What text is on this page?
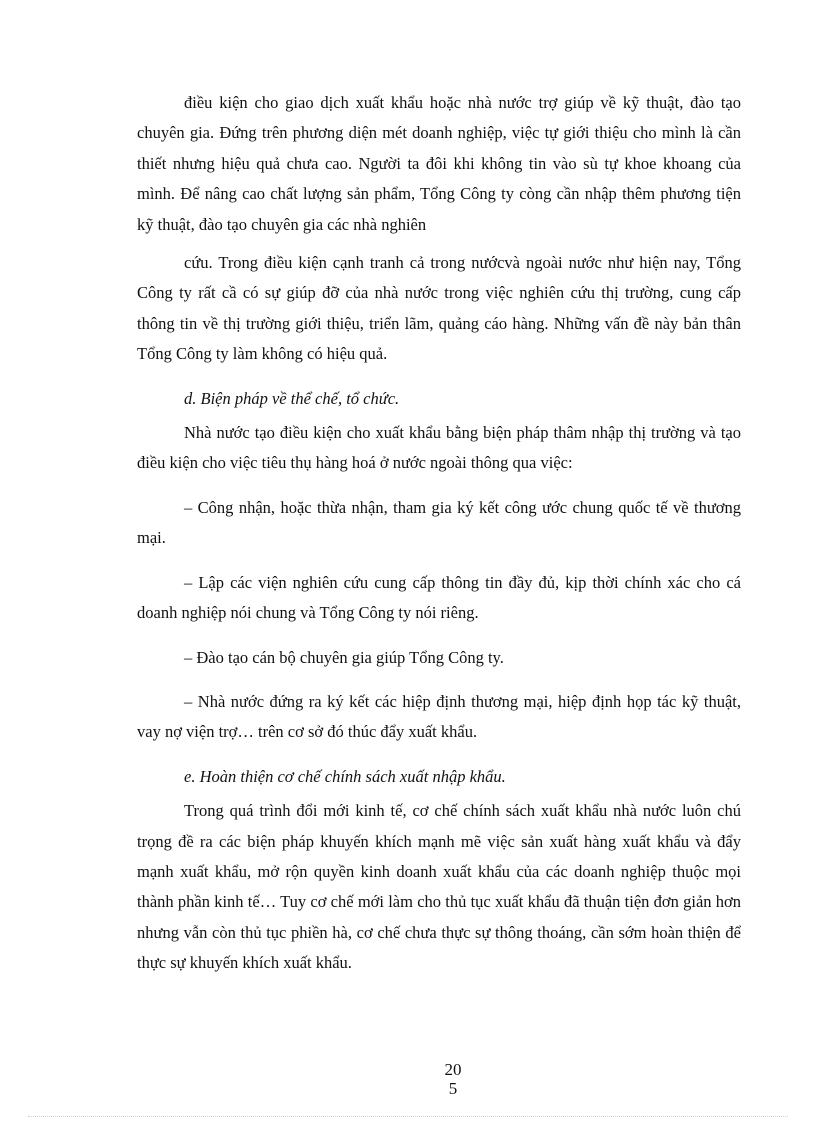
điều kiện cho giao dịch xuất khẩu hoặc nhà nước trợ giúp về kỹ thuật, đào tạo chuyên gia. Đứng trên phương diện mét doanh nghiệp, việc tự giới thiệu cho mình là cần thiết nhưng hiệu quả chưa cao. Người ta đôi khi không tin vào sù tự khoe khoang của mình. Để nâng cao chất lượng sản phẩm, Tổng Công ty còng cần nhập thêm phương tiện kỹ thuật, đào tạo chuyên gia các nhà nghiên

cứu. Trong điều kiện cạnh tranh cả trong nướcvà ngoài nước như hiện nay, Tổng Công ty rất cầ có sự giúp đỡ của nhà nước trong việc nghiên cứu thị trường, cung cấp thông tin về thị trường giới thiệu, triển lãm, quảng cáo hàng. Những vấn đề này bản thân Tổng Công ty làm không có hiệu quả.

d. Biện pháp về thể chế, tổ chức.

Nhà nước tạo điều kiện cho xuất khẩu bằng biện pháp thâm nhập thị trường và tạo điều kiện cho việc tiêu thụ hàng hoá ở nước ngoài thông qua việc:

– Công nhận, hoặc thừa nhận, tham gia ký kết công ước chung quốc tế về thương mại.

– Lập các viện nghiên cứu cung cấp thông tin đầy đủ, kịp thời chính xác cho cá doanh nghiệp nói chung và Tổng Công ty nói riêng.

– Đào tạo cán bộ chuyên gia giúp Tổng Công ty.

– Nhà nước đứng ra ký kết các hiệp định thương mại, hiệp định họp tác kỹ thuật, vay nợ viện trợ… trên cơ sở đó thúc đẩy xuất khẩu.

e. Hoàn thiện cơ chế chính sách xuất nhập khẩu.

Trong quá trình đổi mới kinh tế, cơ chế chính sách xuất khẩu nhà nước luôn chú trọng đề ra các biện pháp khuyến khích mạnh mẽ việc sản xuất hàng xuất khẩu và đẩy mạnh xuất khẩu, mở rộn quyền kinh doanh xuất khẩu của các doanh nghiệp thuộc mọi thành phần kinh tế… Tuy cơ chế mới làm cho thủ tục xuất khẩu đã thuận tiện đơn giản hơn nhưng vẫn còn thủ tục phiền hà, cơ chế chưa thực sự thông thoáng, cần sớm hoàn thiện để thực sự khuyến khích xuất khẩu.

20
5
